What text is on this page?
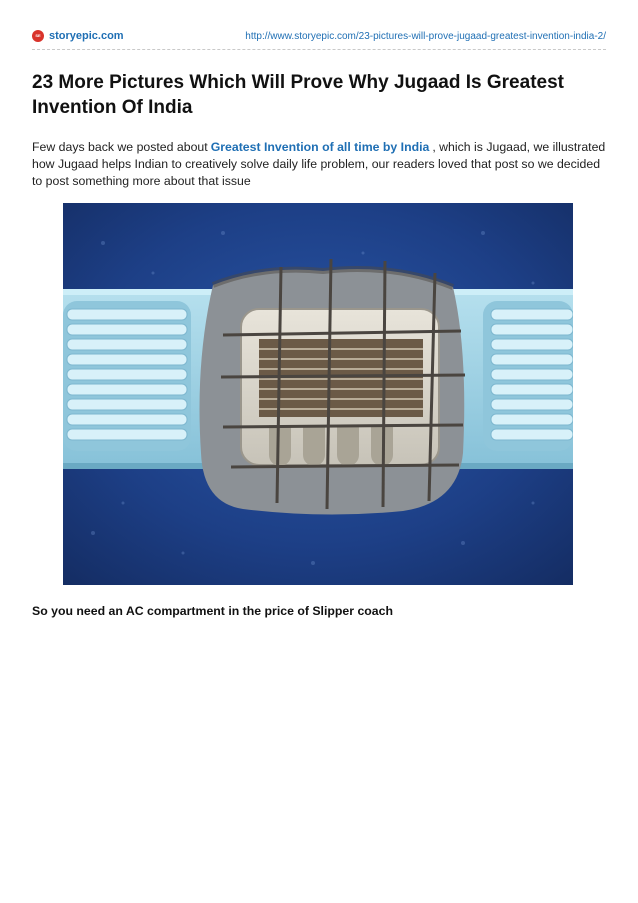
SE storyepic.com	http://www.storyepic.com/23-pictures-will-prove-jugaad-greatest-invention-india-2/
23 More Pictures Which Will Prove Why Jugaad Is Greatest Invention Of India

Few days back we posted about Greatest Invention of all time by India , which is Jugaad, we illustrated how Jugaad helps Indian to creatively solve daily life problem, our readers loved that post so we decided to post something more about that issue

So you need an AC compartment in the price of Slipper coach
